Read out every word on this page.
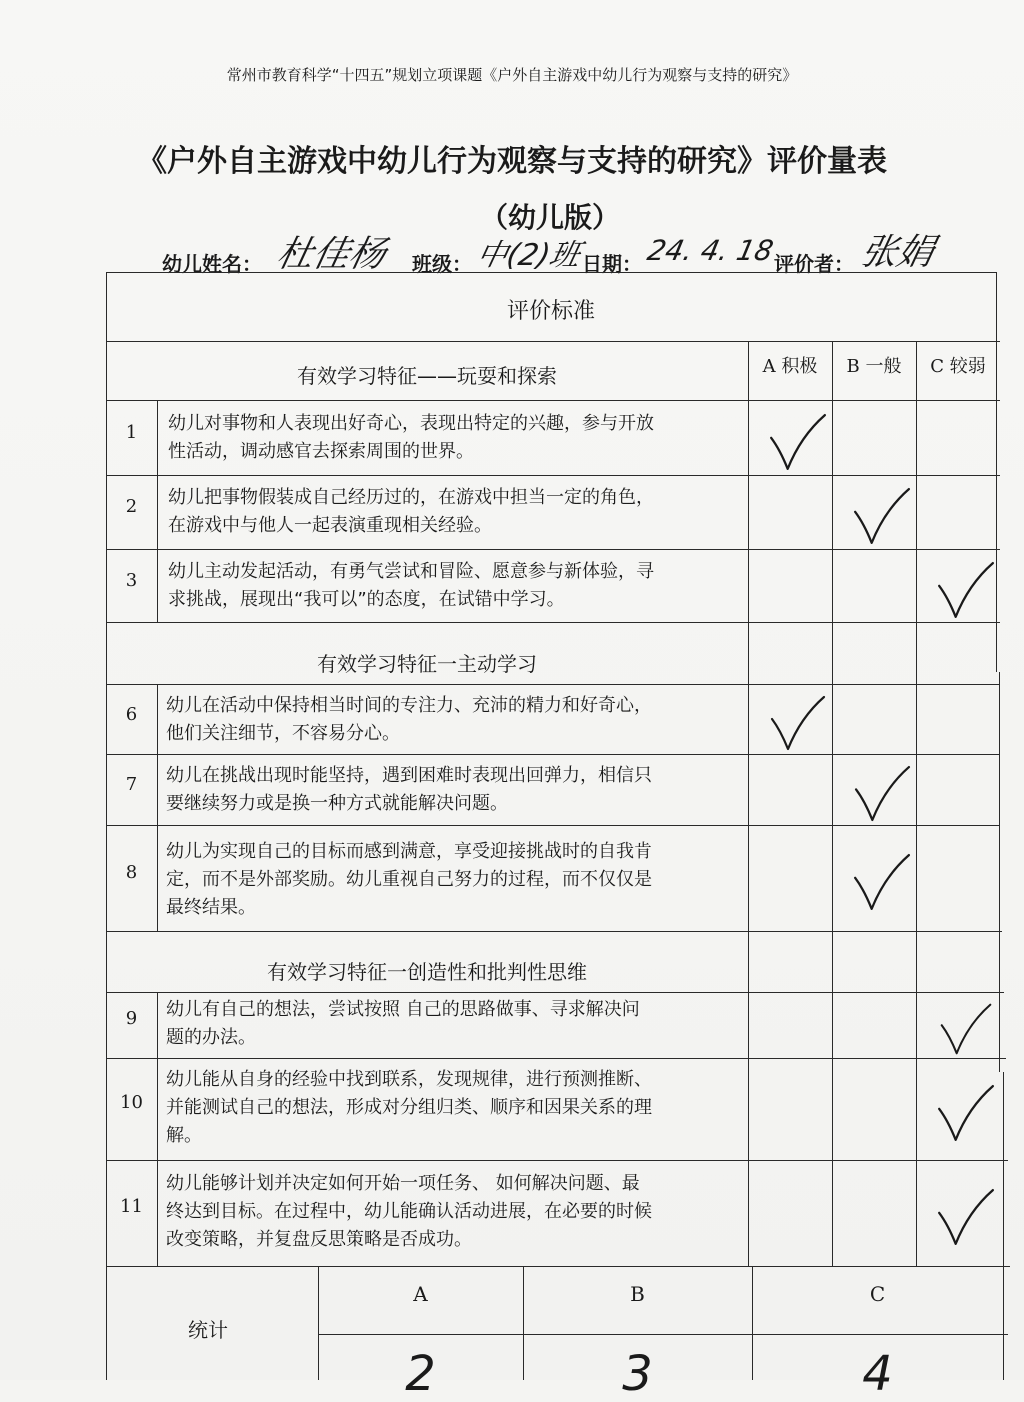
常州市教育科学“十四五”规划立项课题《户外自主游戏中幼儿行为观察与支持的研究》
《户外自主游戏中幼儿行为观察与支持的研究》评价量表
（幼儿版）
幼儿姓名： 杜佳杨 班级： 中(2)班
日期： 24. 4. 18
评价者： 张娟
评价标准
A 积极	B 一般	C 较弱
有效学习特征——玩耍和探索
1	幼儿对事物和人表现出好奇心，表现出特定的兴趣，参与开放
性活动，调动感官去探索周围的世界。
2	幼儿把事物假装成自己经历过的，在游戏中担当一定的角色，
在游戏中与他人一起表演重现相关经验。
3	幼儿主动发起活动，有勇气尝试和冒险、愿意参与新体验，寻
求挑战，展现出“我可以”的态度，在试错中学习。
有效学习特征一主动学习
6	幼儿在活动中保持相当时间的专注力、充沛的精力和好奇心，
他们关注细节，不容易分心。
7	幼儿在挑战出现时能坚持，遇到困难时表现出回弹力，相信只
要继续努力或是换一种方式就能解决问题。
8
幼儿为实现自己的目标而感到满意，享受迎接挑战时的自我肯
定，而不是外部奖励。幼儿重视自己努力的过程，而不仅仅是
最终结果。
有效学习特征一创造性和批判性思维
9	幼儿有自己的想法，尝试按照 自己的思路做事、寻求解决问
题的办法。
10
幼儿能从自身的经验中找到联系，发现规律，进行预测推断、
并能测试自己的想法，形成对分组归类、顺序和因果关系的理
解。
11
幼儿能够计划并决定如何开始一项任务、 如何解决问题、最
终达到目标。在过程中，幼儿能确认活动进展，在必要的时候
改变策略，并复盘反思策略是否成功。
统计
A	B	C
2	3	4
